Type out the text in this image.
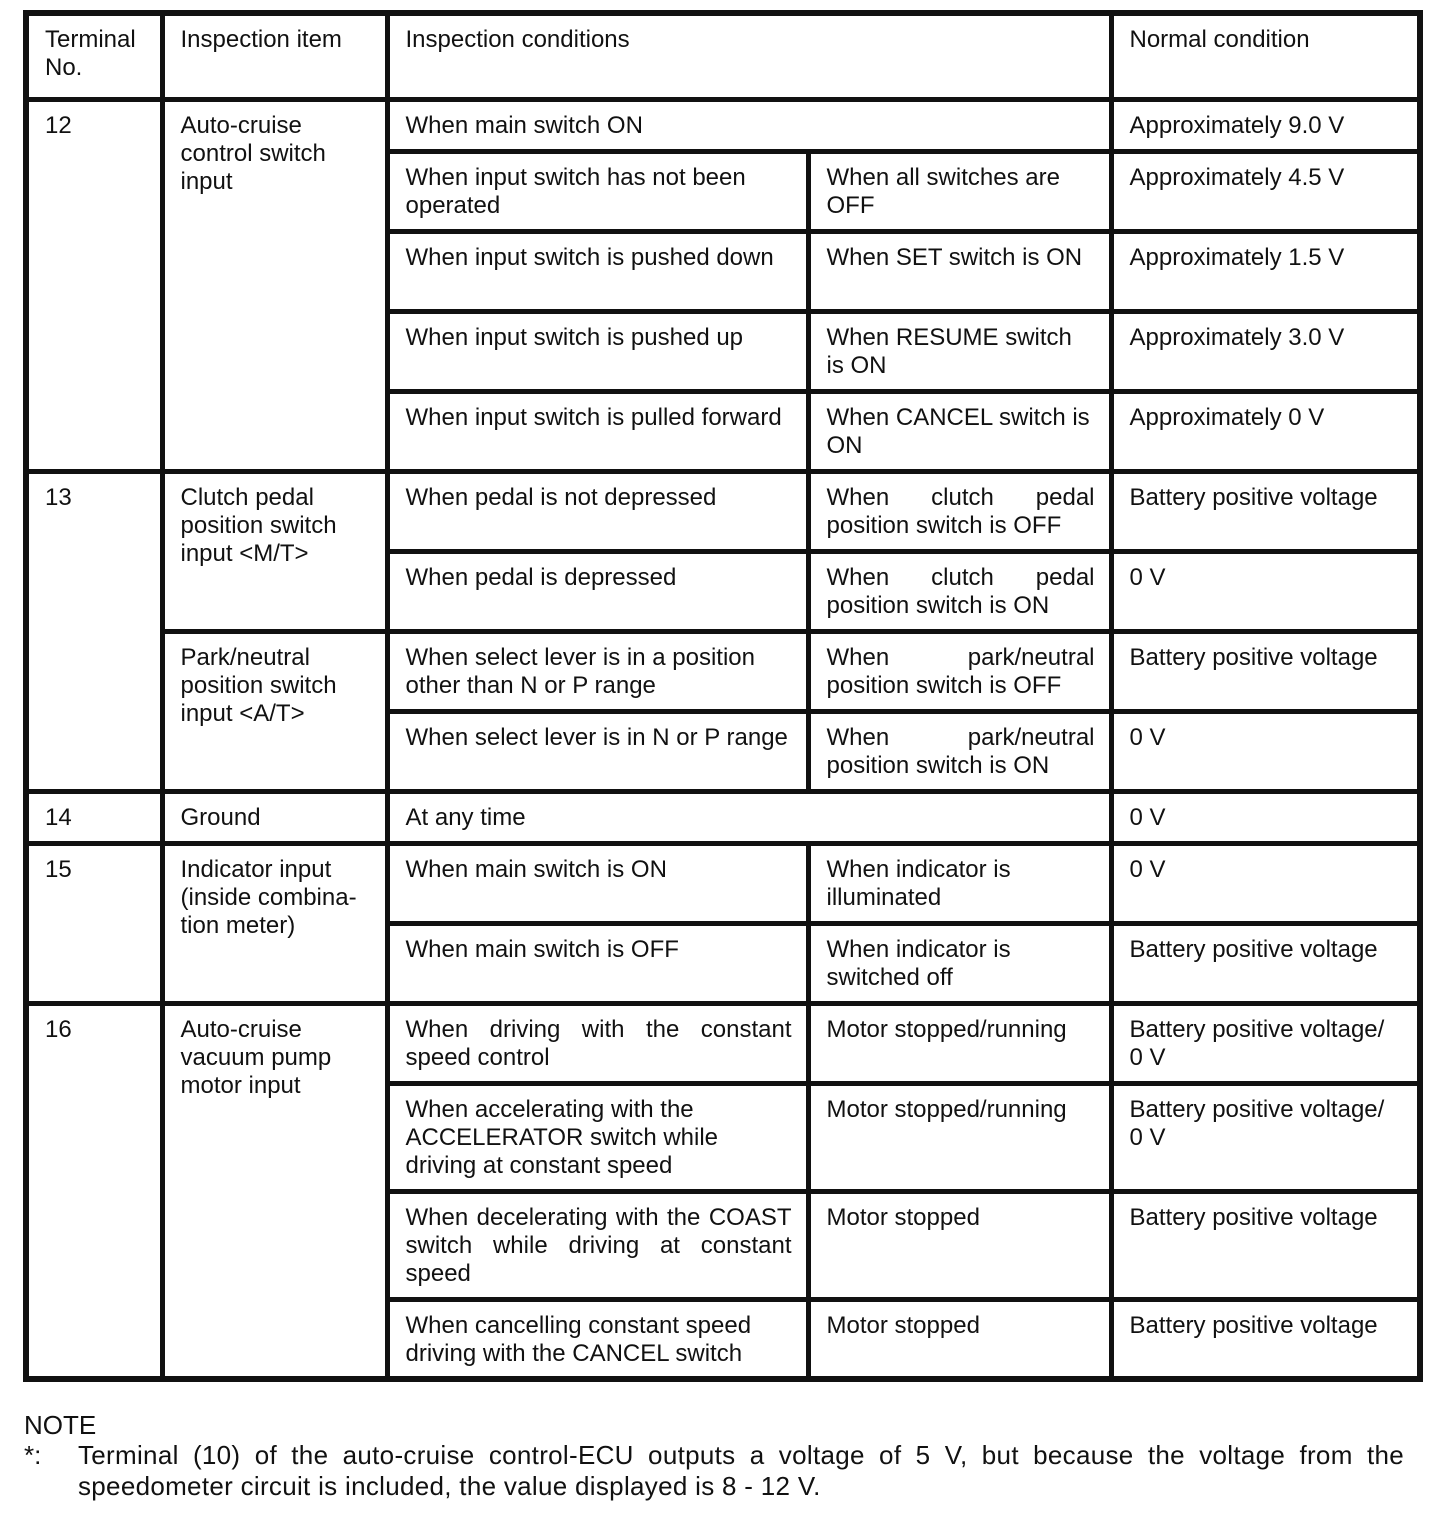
Terminal No.	Inspection item	Inspection conditions		Normal condition
12	Auto-cruise control switch input	When main switch ON		Approximately 9.0 V
		When input switch has not been operated	When all switches are OFF	Approximately 4.5 V
		When input switch is pushed down	When SET switch is ON	Approximately 1.5 V
		When input switch is pushed up	When RESUME switch is ON	Approximately 3.0 V
		When input switch is pulled forward	When CANCEL switch is ON	Approximately 0 V
13	Clutch pedal position switch input <M/T>	When pedal is not depressed	When clutch pedal position switch is OFF	Battery positive voltage
		When pedal is depressed	When clutch pedal position switch is ON	0 V
	Park/neutral position switch input <A/T>	When select lever is in a position other than N or P range	When park/neutral position switch is OFF	Battery positive voltage
		When select lever is in N or P range	When park/neutral position switch is ON	0 V
14	Ground	At any time		0 V
15	Indicator input (inside combina-tion meter)	When main switch is ON	When indicator is illuminated	0 V
		When main switch is OFF	When indicator is switched off	Battery positive voltage
16	Auto-cruise vacuum pump motor input	When driving with the constant speed control	Motor stopped/running	Battery positive voltage/ 0 V
		When accelerating with the ACCELERATOR switch while driving at constant speed	Motor stopped/running	Battery positive voltage/ 0 V
		When decelerating with the COAST switch while driving at constant speed	Motor stopped	Battery positive voltage
		When cancelling constant speed driving with the CANCEL switch	Motor stopped	Battery positive voltage
NOTE
*:	Terminal (10) of the auto-cruise control-ECU outputs a voltage of 5 V, but because the voltage from the speedometer circuit is included, the value displayed is 8 - 12 V.
